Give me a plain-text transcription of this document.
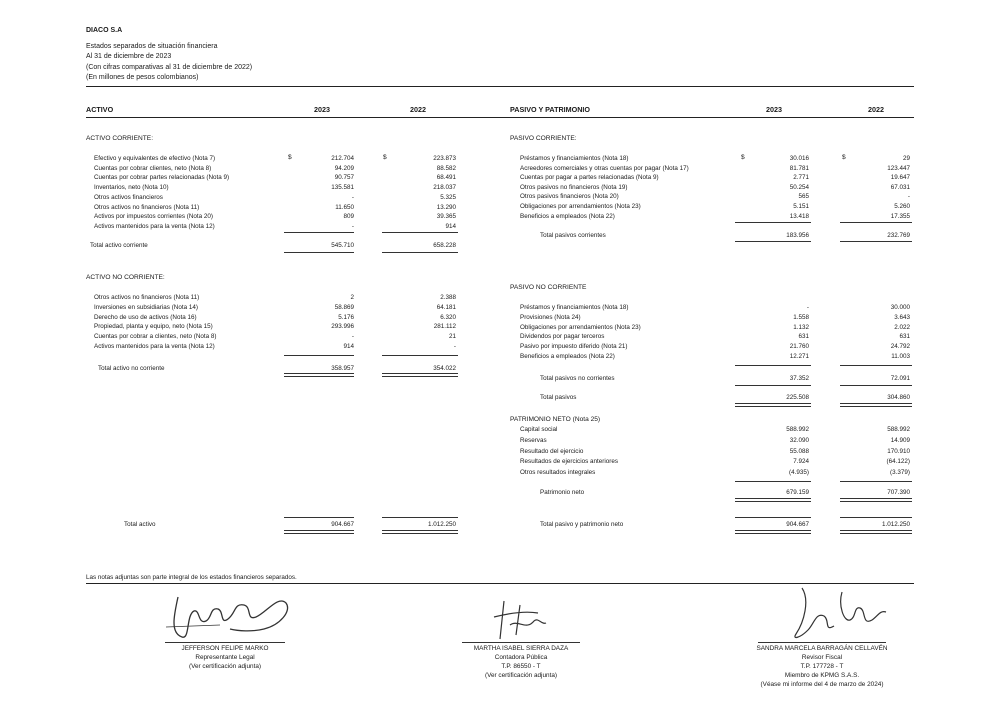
DIACO S.A
Estados separados de situación financiera
Al 31 de diciembre de 2023
(Con cifras comparativas al 31 de diciembre de 2022)
(En millones de pesos colombianos)
ACTIVO	2023	2022	PASIVO Y PATRIMONIO	2023	2022
ACTIVO CORRIENTE:
$	$
Efectivo y equivalentes de efectivo (Nota 7)	212.704	223.873
Cuentas por cobrar clientes, neto (Nota 8)	94.209	88.582
Cuentas por cobrar partes relacionadas (Nota 9)	90.757	68.491
Inventarios, neto (Nota 10)	135.581	218.037
Otros activos financieros	-	5.325
Otros activos no financieros (Nota 11)	11.650	13.290
Activos por impuestos corrientes (Nota 20)	809	39.365
Activos mantenidos para la venta (Nota 12)	-	914
Total activo corriente	545.710	658.228
ACTIVO NO CORRIENTE:
Otros activos no financieros (Nota 11)	2	2.388
Inversiones en subsidiarias (Nota 14)	58.869	64.181
Derecho de uso de activos (Nota 16)	5.176	6.320
Propiedad, planta y equipo, neto (Nota 15)	293.996	281.112
Cuentas por cobrar a clientes, neto (Nota 8)	-	21
Activos mantenidos para la venta (Nota 12)	914	-
Total activo no corriente	358.957	354.022
Total activo	904.667	1.012.250
PASIVO CORRIENTE:
$	$
Préstamos y financiamientos (Nota 18)	30.016	29
Acreedores comerciales y otras cuentas por pagar (Nota 17)	81.781	123.447
Cuentas por pagar a partes relacionadas (Nota 9)	2.771	19.647
Otros pasivos no financieros (Nota 19)	50.254	67.031
Otros pasivos financieros (Nota 20)	565	-
Obligaciones por arrendamientos (Nota 23)	5.151	5.260
Beneficios a empleados (Nota 22)	13.418	17.355
Total pasivos corrientes	183.956	232.769
PASIVO NO CORRIENTE
Préstamos y financiamientos (Nota 18)	-	30.000
Provisiones (Nota 24)	1.558	3.643
Obligaciones por arrendamientos (Nota 23)	1.132	2.022
Dividendos por pagar terceros	631	631
Pasivo por impuesto diferido (Nota 21)	21.760	24.792
Beneficios a empleados (Nota 22)	12.271	11.003
Total pasivos no corrientes	37.352	72.091
Total pasivos	225.508	304.860
PATRIMONIO NETO (Nota 25)
Capital social	588.992	588.992
Reservas	32.090	14.909
Resultado del ejercicio	55.088	170.910
Resultados de ejercicios anteriores	7.924	(64.122)
Otros resultados integrales	(4.935)	(3.379)
Patrimonio neto	679.159	707.390
Total pasivo y patrimonio neto	904.667	1.012.250
Las notas adjuntas son parte integral de los estados financieros separados.
JEFFERSON FELIPE MARKO
Representante Legal
(Ver certificación adjunta)
MARTHA ISABEL SIERRA DAZA
Contadora Pública
T.P. 86550 - T
(Ver certificación adjunta)
SANDRA MARCELA BARRAGÁN CELLAVÉN
Revisor Fiscal
T.P. 177728 - T
Miembro de KPMG S.A.S.
(Véase mi informe del 4 de marzo de 2024)
